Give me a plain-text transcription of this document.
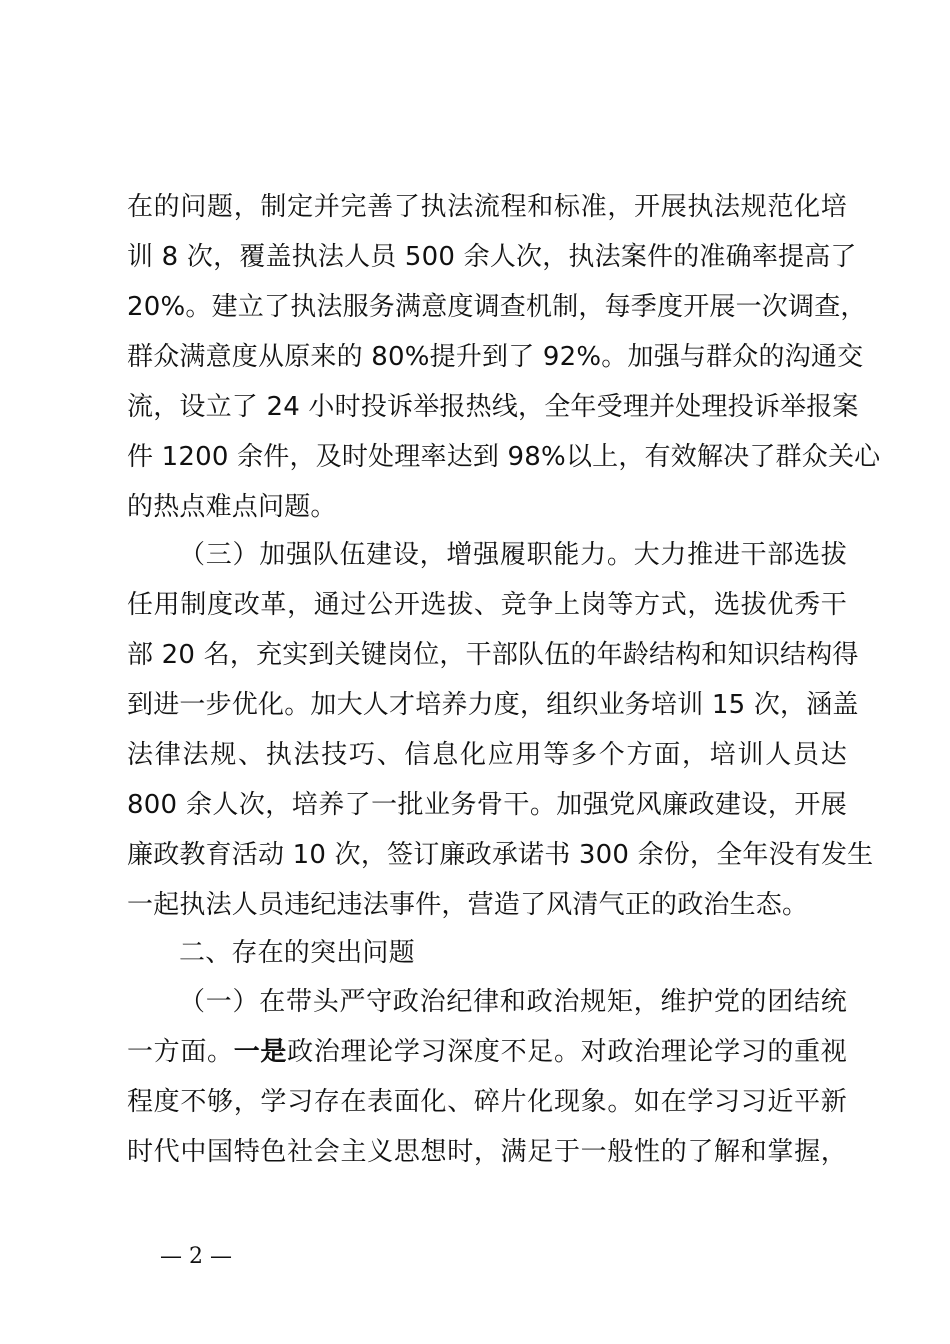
在的问题，制定并完善了执法流程和标准，开展执法规范化培
训 8 次，覆盖执法人员 500 余人次，执法案件的准确率提高了
20%。建立了执法服务满意度调查机制，每季度开展一次调查，
群众满意度从原来的 80%提升到了 92%。加强与群众的沟通交
流，设立了 24 小时投诉举报热线，全年受理并处理投诉举报案
件 1200 余件，及时处理率达到 98%以上，有效解决了群众关心
的热点难点问题。
（三）加强队伍建设，增强履职能力。大力推进干部选拔
任用制度改革，通过公开选拔、竞争上岗等方式，选拔优秀干
部 20 名，充实到关键岗位，干部队伍的年龄结构和知识结构得
到进一步优化。加大人才培养力度，组织业务培训 15 次，涵盖
法律法规、执法技巧、信息化应用等多个方面，培训人员达
800 余人次，培养了一批业务骨干。加强党风廉政建设，开展
廉政教育活动 10 次，签订廉政承诺书 300 余份，全年没有发生
一起执法人员违纪违法事件，营造了风清气正的政治生态。
二、存在的突出问题
（一）在带头严守政治纪律和政治规矩，维护党的团结统
一方面。一是政治理论学习深度不足。对政治理论学习的重视
程度不够，学习存在表面化、碎片化现象。如在学习习近平新
时代中国特色社会主义思想时，满足于一般性的了解和掌握，
— 2 —
